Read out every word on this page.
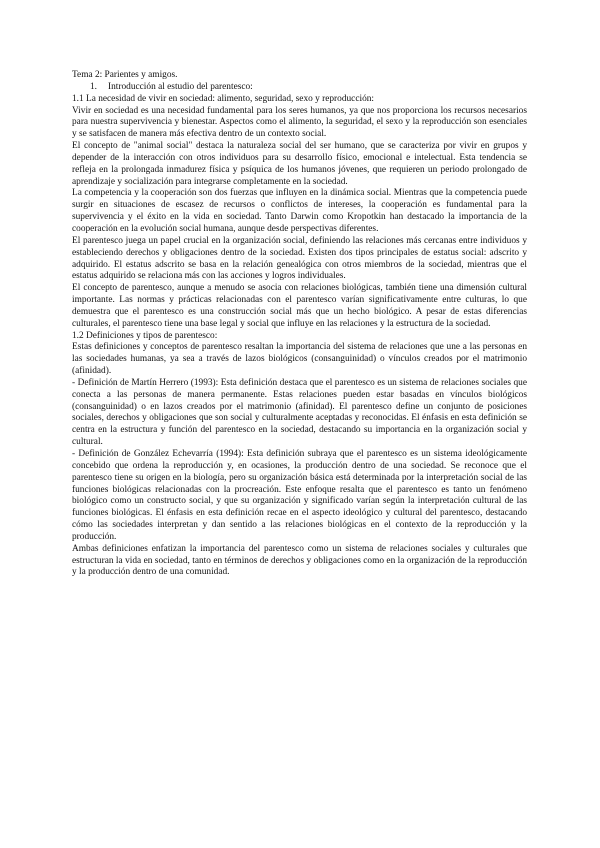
Tema 2: Parientes y amigos.

1. Introducción al estudio del parentesco:

1.1 La necesidad de vivir en sociedad: alimento, seguridad, sexo y reproducción:

Vivir en sociedad es una necesidad fundamental para los seres humanos, ya que nos proporciona los recursos necesarios para nuestra supervivencia y bienestar. Aspectos como el alimento, la seguridad, el sexo y la reproducción son esenciales y se satisfacen de manera más efectiva dentro de un contexto social.

El concepto de "animal social" destaca la naturaleza social del ser humano, que se caracteriza por vivir en grupos y depender de la interacción con otros individuos para su desarrollo físico, emocional e intelectual. Esta tendencia se refleja en la prolongada inmadurez física y psíquica de los humanos jóvenes, que requieren un periodo prolongado de aprendizaje y socialización para integrarse completamente en la sociedad.

La competencia y la cooperación son dos fuerzas que influyen en la dinámica social. Mientras que la competencia puede surgir en situaciones de escasez de recursos o conflictos de intereses, la cooperación es fundamental para la supervivencia y el éxito en la vida en sociedad. Tanto Darwin como Kropotkin han destacado la importancia de la cooperación en la evolución social humana, aunque desde perspectivas diferentes.

El parentesco juega un papel crucial en la organización social, definiendo las relaciones más cercanas entre individuos y estableciendo derechos y obligaciones dentro de la sociedad. Existen dos tipos principales de estatus social: adscrito y adquirido. El estatus adscrito se basa en la relación genealógica con otros miembros de la sociedad, mientras que el estatus adquirido se relaciona más con las acciones y logros individuales.

El concepto de parentesco, aunque a menudo se asocia con relaciones biológicas, también tiene una dimensión cultural importante. Las normas y prácticas relacionadas con el parentesco varían significativamente entre culturas, lo que demuestra que el parentesco es una construcción social más que un hecho biológico. A pesar de estas diferencias culturales, el parentesco tiene una base legal y social que influye en las relaciones y la estructura de la sociedad.

1.2 Definiciones y tipos de parentesco:

Estas definiciones y conceptos de parentesco resaltan la importancia del sistema de relaciones que une a las personas en las sociedades humanas, ya sea a través de lazos biológicos (consanguinidad) o vínculos creados por el matrimonio (afinidad).

- Definición de Martín Herrero (1993): Esta definición destaca que el parentesco es un sistema de relaciones sociales que conecta a las personas de manera permanente. Estas relaciones pueden estar basadas en vínculos biológicos (consanguinidad) o en lazos creados por el matrimonio (afinidad). El parentesco define un conjunto de posiciones sociales, derechos y obligaciones que son social y culturalmente aceptadas y reconocidas. El énfasis en esta definición se centra en la estructura y función del parentesco en la sociedad, destacando su importancia en la organización social y cultural.

- Definición de González Echevarría (1994): Esta definición subraya que el parentesco es un sistema ideológicamente concebido que ordena la reproducción y, en ocasiones, la producción dentro de una sociedad. Se reconoce que el parentesco tiene su origen en la biología, pero su organización básica está determinada por la interpretación social de las funciones biológicas relacionadas con la procreación. Este enfoque resalta que el parentesco es tanto un fenómeno biológico como un constructo social, y que su organización y significado varían según la interpretación cultural de las funciones biológicas. El énfasis en esta definición recae en el aspecto ideológico y cultural del parentesco, destacando cómo las sociedades interpretan y dan sentido a las relaciones biológicas en el contexto de la reproducción y la producción.

Ambas definiciones enfatizan la importancia del parentesco como un sistema de relaciones sociales y culturales que estructuran la vida en sociedad, tanto en términos de derechos y obligaciones como en la organización de la reproducción y la producción dentro de una comunidad.
